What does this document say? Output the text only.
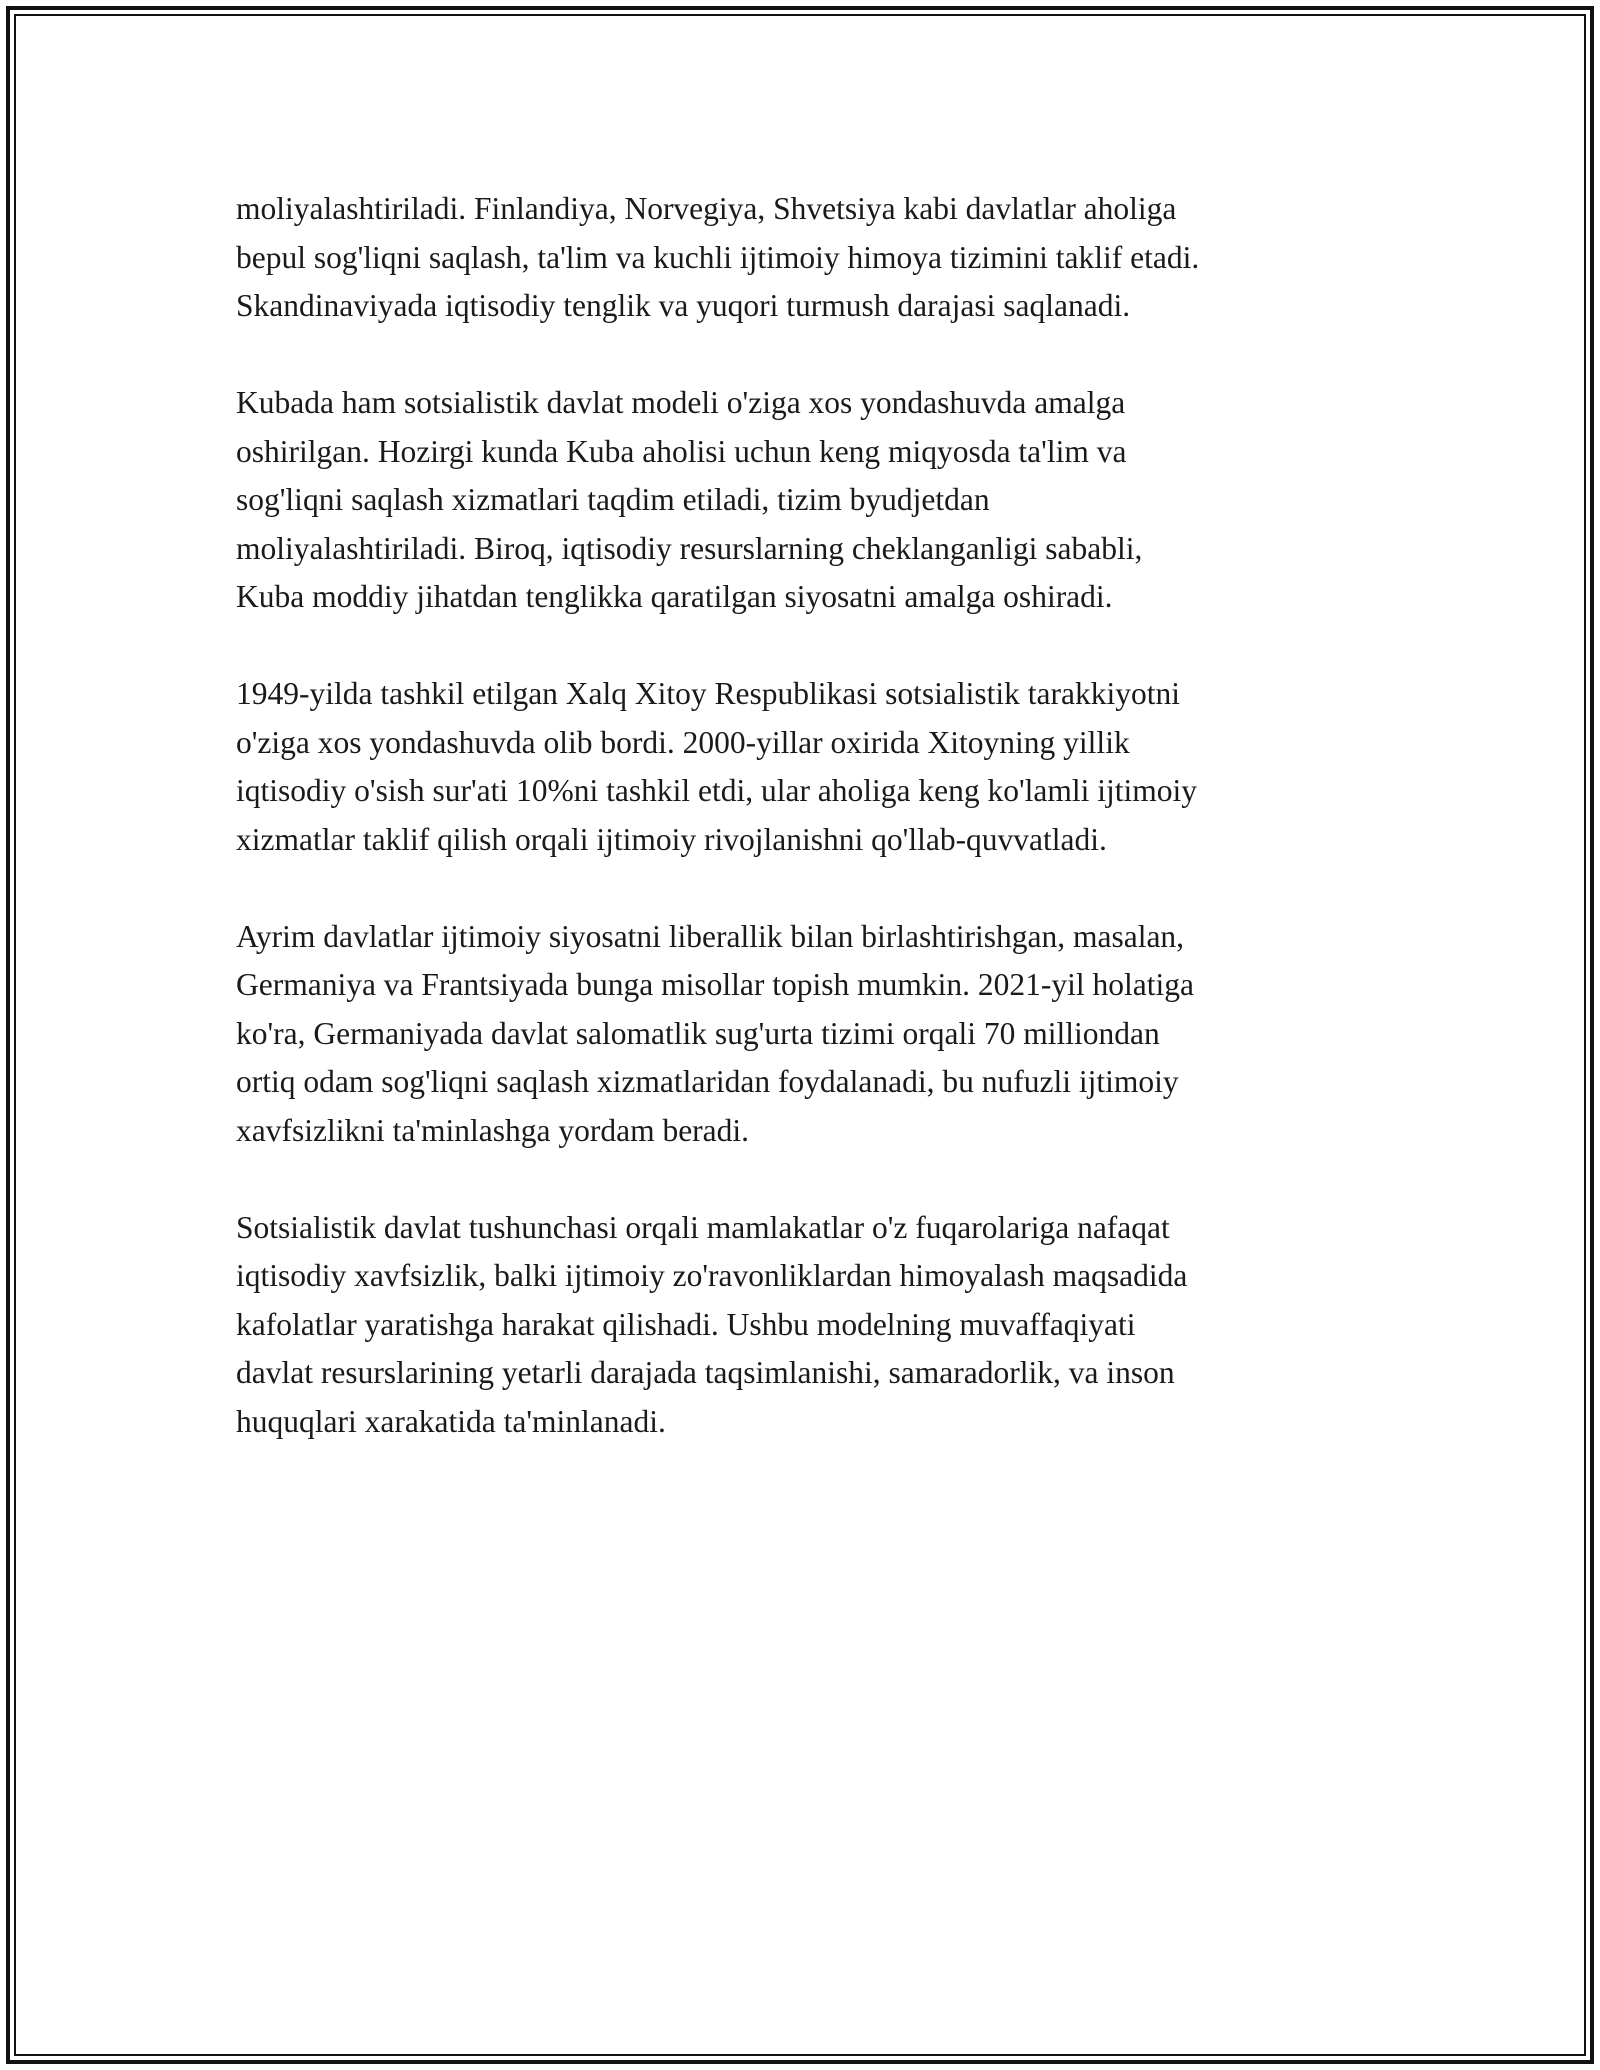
moliyalashtiriladi. Finlandiya, Norvegiya, Shvetsiya kabi davlatlar aholiga
bepul sog'liqni saqlash, ta'lim va kuchli ijtimoiy himoya tizimini taklif etadi.
Skandinaviyada iqtisodiy tenglik va yuqori turmush darajasi saqlanadi.

Kubada ham sotsialistik davlat modeli o'ziga xos yondashuvda amalga
oshirilgan. Hozirgi kunda Kuba aholisi uchun keng miqyosda ta'lim va
sog'liqni saqlash xizmatlari taqdim etiladi, tizim byudjetdan
moliyalashtiriladi. Biroq, iqtisodiy resurslarning cheklanganligi sababli,
Kuba moddiy jihatdan tenglikka qaratilgan siyosatni amalga oshiradi.

1949-yilda tashkil etilgan Xalq Xitoy Respublikasi sotsialistik tarakkiyotni
o'ziga xos yondashuvda olib bordi. 2000-yillar oxirida Xitoyning yillik
iqtisodiy o'sish sur'ati 10%ni tashkil etdi, ular aholiga keng ko'lamli ijtimoiy
xizmatlar taklif qilish orqali ijtimoiy rivojlanishni qo'llab-quvvatladi.

Ayrim davlatlar ijtimoiy siyosatni liberallik bilan birlashtirishgan, masalan,
Germaniya va Frantsiyada bunga misollar topish mumkin. 2021-yil holatiga
ko'ra, Germaniyada davlat salomatlik sug'urta tizimi orqali 70 milliondan
ortiq odam sog'liqni saqlash xizmatlaridan foydalanadi, bu nufuzli ijtimoiy
xavfsizlikni ta'minlashga yordam beradi.

Sotsialistik davlat tushunchasi orqali mamlakatlar o'z fuqarolariga nafaqat
iqtisodiy xavfsizlik, balki ijtimoiy zo'ravonliklardan himoyalash maqsadida
kafolatlar yaratishga harakat qilishadi. Ushbu modelning muvaffaqiyati
davlat resurslarining yetarli darajada taqsimlanishi, samaradorlik, va inson
huquqlari xarakatida ta'minlanadi.
